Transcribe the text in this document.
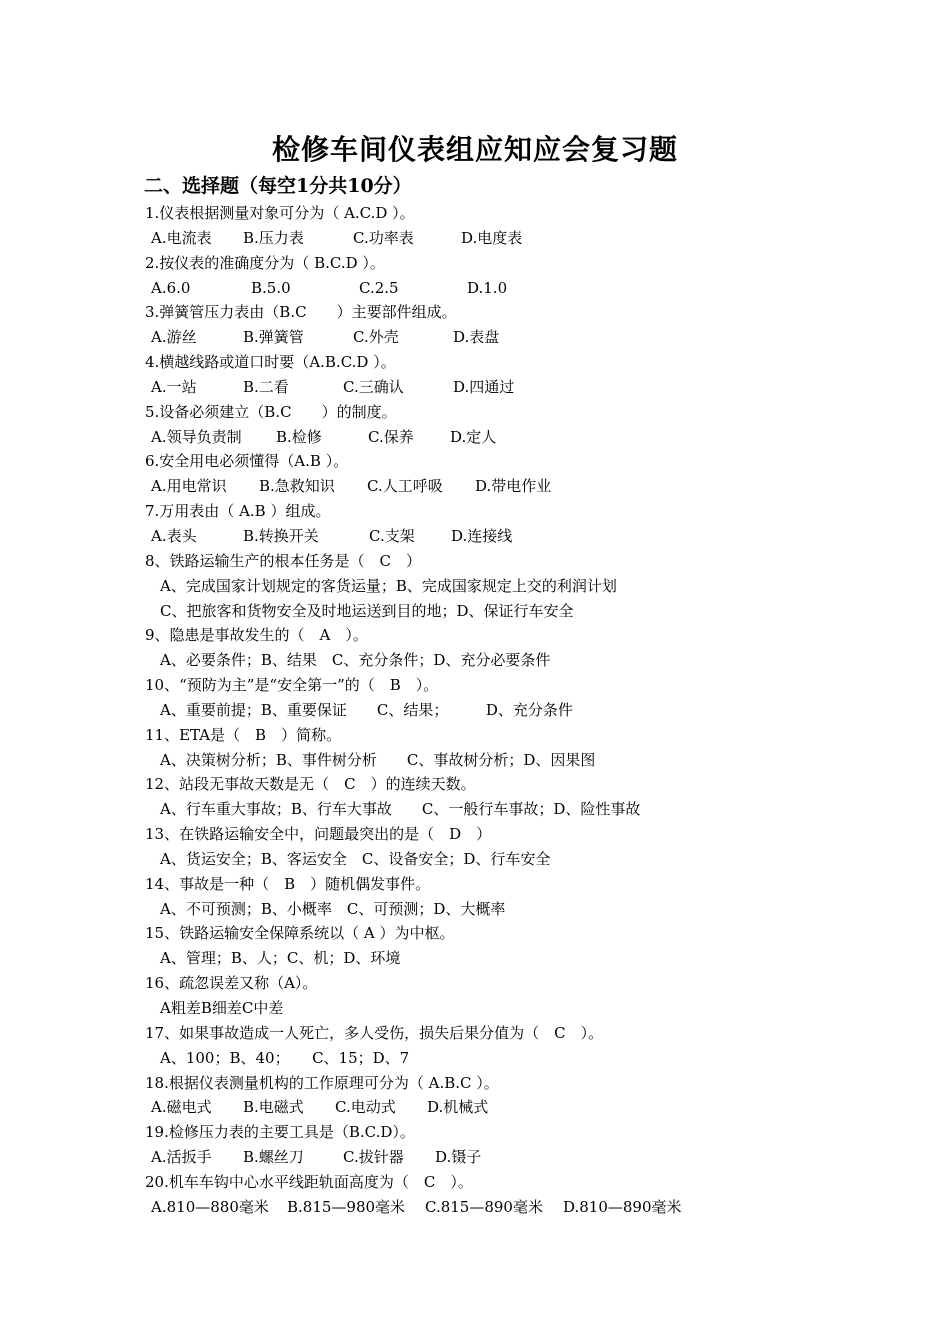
检修车间仪表组应知应会复习题
二、选择题（每空1分共10分）
1.仪表根据测量对象可分为（ A.C.D ）。
A.电流表 B.压力表	C.功率表	D.电度表
2.按仪表的准确度分为（ B.C.D ）。
A.6.0	B.5.0	C.2.5	D.1.0
3.弹簧管压力表由（B.C　　）主要部件组成。
A.游丝	B.弹簧管	C.外壳	D.表盘
4.横越线路或道口时要（A.B.C.D ）。
A.一站	B.二看	C.三确认	D.四通过
5.设备必须建立（B.C　　）的制度。
A.领导负责制 B.检修	C.保养 D.定人
6.安全用电必须懂得（A.B ）。
A.用电常识 B.急救知识 C.人工呼吸 D.带电作业
7.万用表由（ A.B ）组成。
A.表头	B.转换开关	C.支架 D.连接线
8、铁路运输生产的根本任务是（　C　）
A、完成国家计划规定的客货运量；B、完成国家规定上交的利润计划
C、把旅客和货物安全及时地运送到目的地；D、保证行车安全
9、隐患是事故发生的（　A　）。
A、必要条件；B、结果　C、充分条件；D、充分必要条件
10、“预防为主”是“安全第一”的（　B　）。
A、重要前提；B、重要保证　　C、结果；　　　D、充分条件
11、ETA是（　B　）简称。
A、决策树分析；B、事件树分析　　C、事故树分析；D、因果图
12、站段无事故天数是无（　C　）的连续天数。
A、行车重大事故；B、行车大事故　　C、一般行车事故；D、险性事故
13、在铁路运输安全中，问题最突出的是（　D　）
A、货运安全；B、客运安全　C、设备安全；D、行车安全
14、事故是一种（　B　）随机偶发事件。
A、不可预测；B、小概率　C、可预测；D、大概率
15、铁路运输安全保障系统以（ A ）为中枢。
A、管理；B、人；C、机；D、环境
16、疏忽误差又称（A）。
A粗差B细差C中差
17、如果事故造成一人死亡，多人受伤，损失后果分值为（　C　）。
A、100；B、40；　　C、15；D、7
18.根据仪表测量机构的工作原理可分为（ A.B.C ）。
A.磁电式 B.电磁式 C.电动式 D.机械式
19.检修压力表的主要工具是（B.C.D）。
A.活扳手 B.螺丝刀	C.拔针器 D.镊子
20.机车车钩中心水平线距轨面高度为（　C　）。
A.810—880毫米 B.815—980毫米 C.815—890毫米 D.810—890毫米
